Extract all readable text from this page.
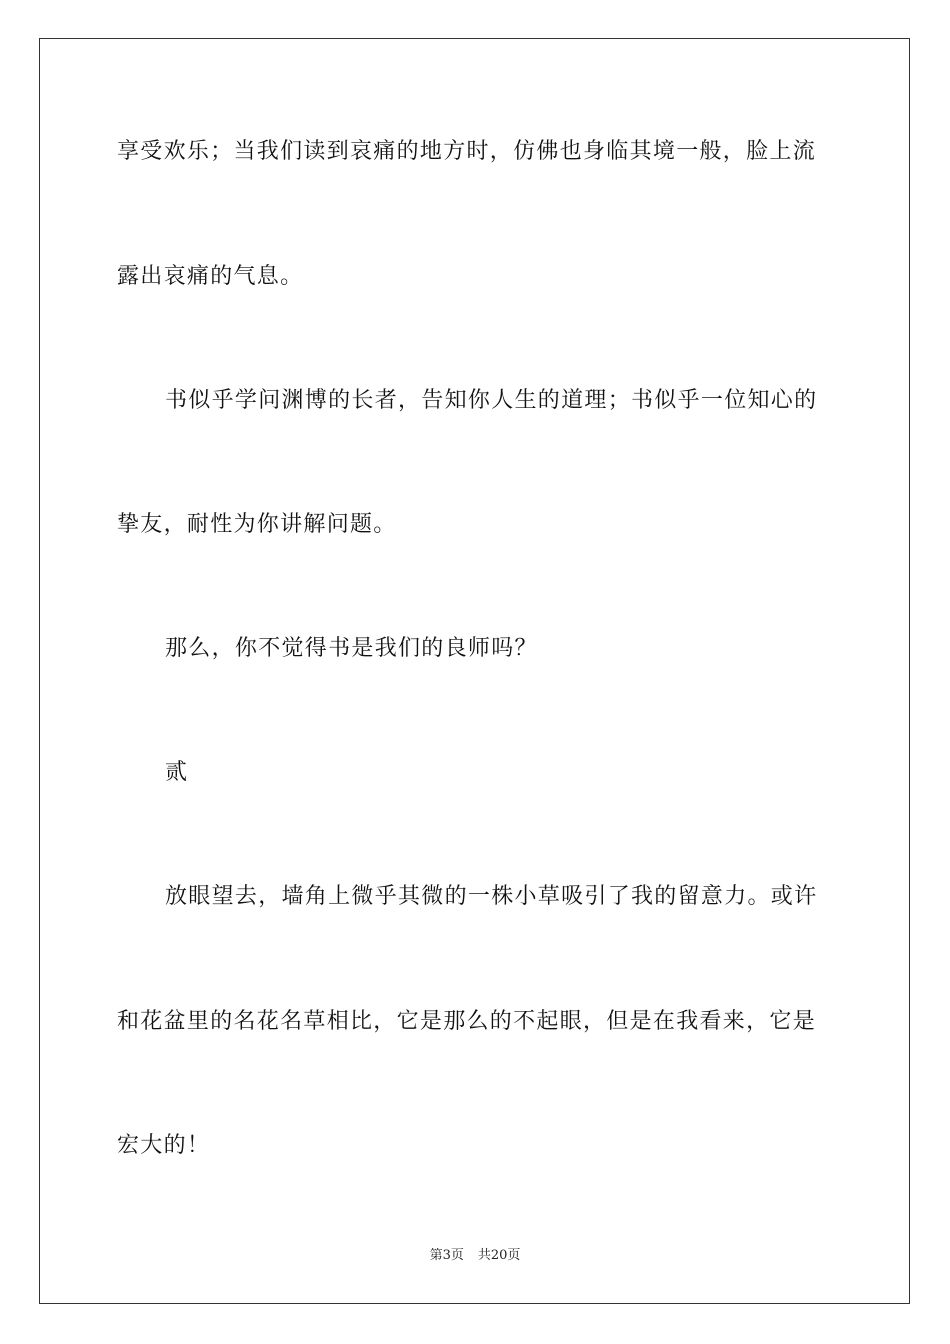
享受欢乐；当我们读到哀痛的地方时，仿佛也身临其境一般，脸上流
露出哀痛的气息。
书似乎学问渊博的长者，告知你人生的道理；书似乎一位知心的
挚友，耐性为你讲解问题。
那么，你不觉得书是我们的良师吗？
贰
放眼望去，墙角上微乎其微的一株小草吸引了我的留意力。或许
和花盆里的名花名草相比，它是那么的不起眼，但是在我看来，它是
宏大的！
第3页 共20页
